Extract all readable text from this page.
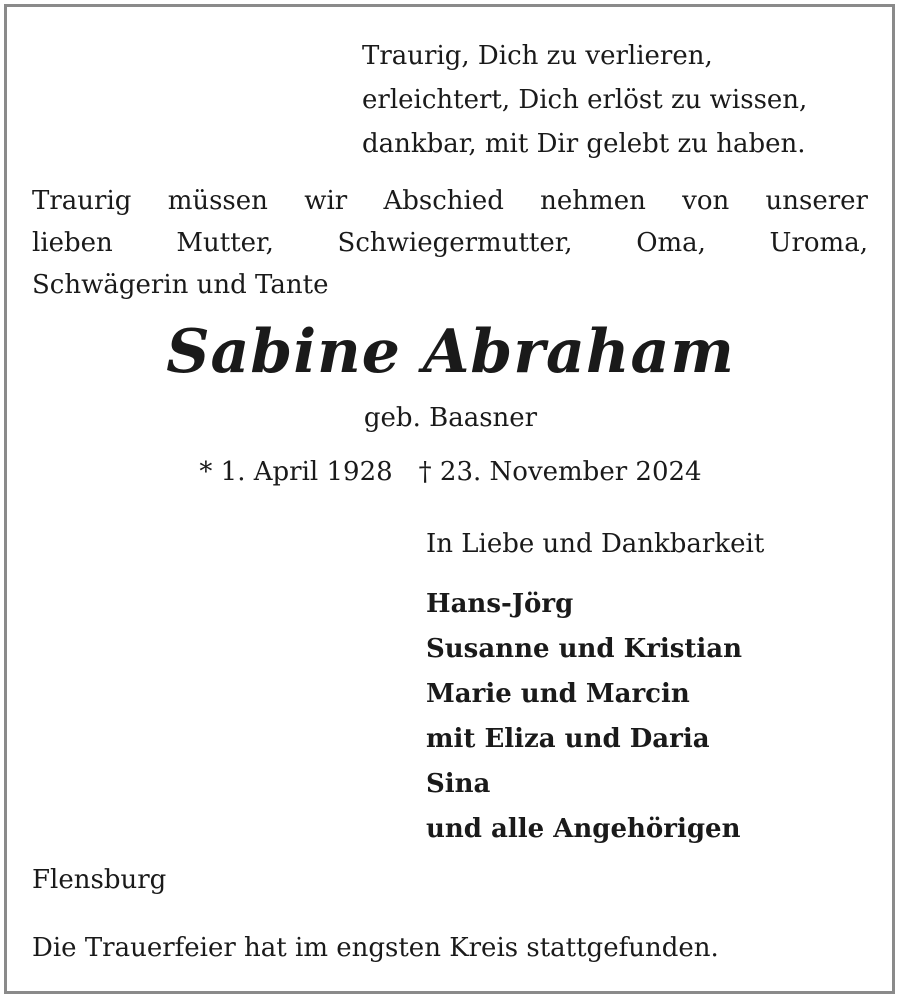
Traurig, Dich zu verlieren,
erleichtert, Dich erlöst zu wissen,
dankbar, mit Dir gelebt zu haben.
Traurig müssen wir Abschied nehmen von unserer
lieben Mutter, Schwiegermutter, Oma, Uroma,
Schwägerin und Tante
Sabine Abraham
geb. Baasner
* 1. April 1928 † 23. November 2024
In Liebe und Dankbarkeit
Hans-Jörg
Susanne und Kristian
Marie und Marcin
mit Eliza und Daria
Sina
und alle Angehörigen
Flensburg
Die Trauerfeier hat im engsten Kreis stattgefunden.
